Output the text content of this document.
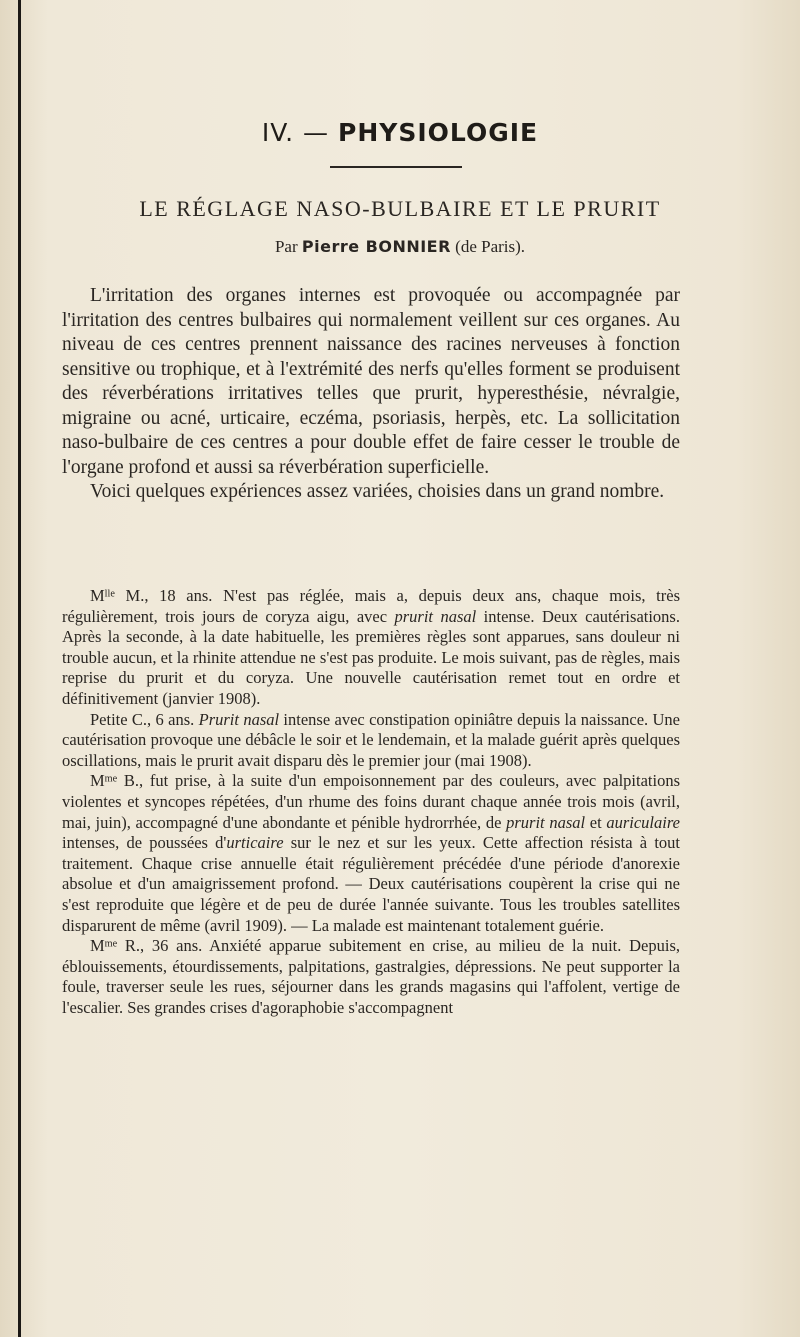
IV. — PHYSIOLOGIE
LE RÉGLAGE NASO-BULBAIRE ET LE PRURIT
Par Pierre BONNIER (de Paris).

L'irritation des organes internes est provoquée ou accompagnée par l'irritation des centres bulbaires qui normalement veillent sur ces organes. Au niveau de ces centres prennent naissance des racines nerveuses à fonction sensitive ou trophique, et à l'extrémité des nerfs qu'elles forment se produisent des réverbérations irritatives telles que prurit, hyperesthésie, névralgie, migraine ou acné, urticaire, eczéma, psoriasis, herpès, etc. La sollicitation naso-bulbaire de ces centres a pour double effet de faire cesser le trouble de l'organe profond et aussi sa réverbération superficielle.

Voici quelques expériences assez variées, choisies dans un grand nombre.

$M^{lle}$ M., 18 ans. N'est pas réglée, mais a, depuis deux ans, chaque mois, très régulièrement, trois jours de coryza aigu, avec prurit nasal intense. Deux cautérisations. Après la seconde, à la date habituelle, les premières règles sont apparues, sans douleur ni trouble aucun, et la rhinite attendue ne s'est pas produite. Le mois suivant, pas de règles, mais reprise du prurit et du coryza. Une nouvelle cautérisation remet tout en ordre et définitivement (janvier 1908).

Petite C., 6 ans. Prurit nasal intense avec constipation opiniâtre depuis la naissance. Une cautérisation provoque une débâcle le soir et le lendemain, et la malade guérit après quelques oscillations, mais le prurit avait disparu dès le premier jour (mai 1908).

$M^{me}$ B., fut prise, à la suite d'un empoisonnement par des couleurs, avec palpitations violentes et syncopes répétées, d'un rhume des foins durant chaque année trois mois (avril, mai, juin), accompagné d'une abondante et pénible hydrorrhée, de prurit nasal et auriculaire intenses, de poussées d'urticaire sur le nez et sur les yeux. Cette affection résista à tout traitement. Chaque crise annuelle était régulièrement précédée d'une période d'anorexie absolue et d'un amaigrissement profond. — Deux cautérisations coupèrent la crise qui ne s'est reproduite que légère et de peu de durée l'année suivante. Tous les troubles satellites disparurent de même (avril 1909). — La malade est maintenant totalement guérie.

$M^{me}$ R., 36 ans. Anxiété apparue subitement en crise, au milieu de la nuit. Depuis, éblouissements, étourdissements, palpitations, gastralgies, dépressions. Ne peut supporter la foule, traverser seule les rues, séjourner dans les grands magasins qui l'affolent, vertige de l'escalier. Ses grandes crises d'agoraphobie s'accompagnent
